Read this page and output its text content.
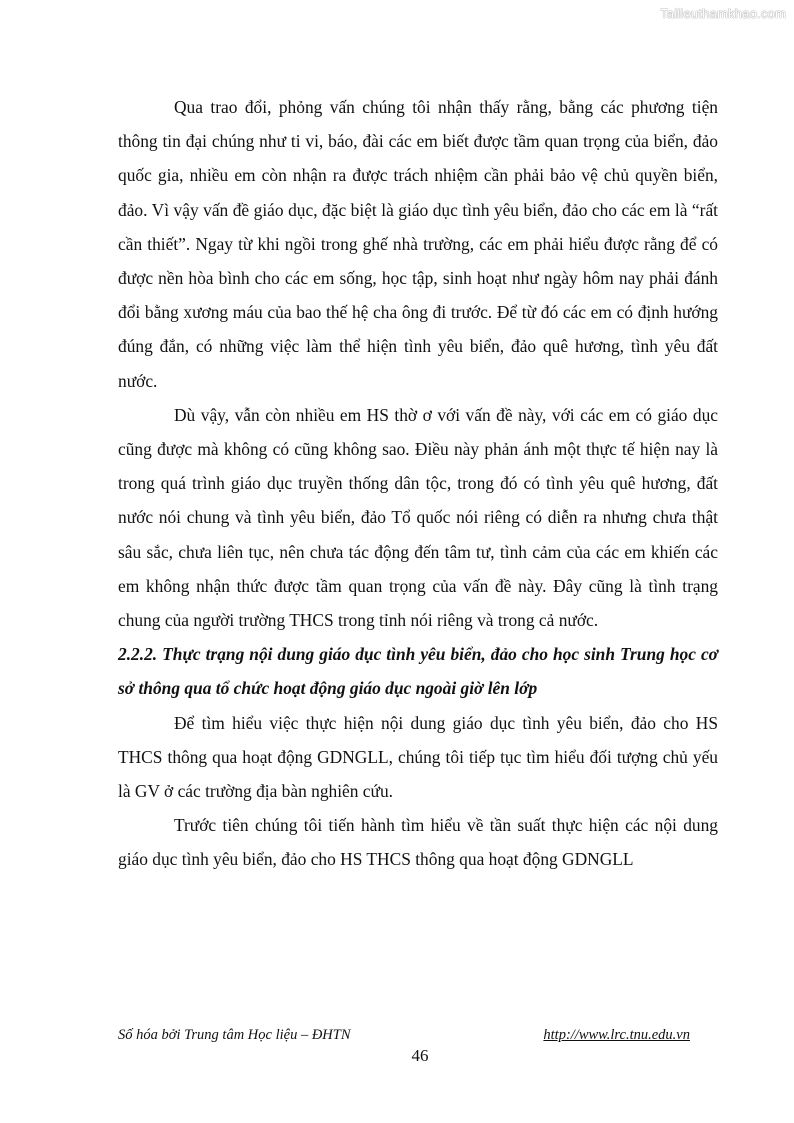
Tailieuthamkhao.com

Qua trao đổi, phỏng vấn chúng tôi nhận thấy rằng, bằng các phương tiện thông tin đại chúng như ti vi, báo, đài các em biết được tầm quan trọng của biển, đảo quốc gia, nhiều em còn nhận ra được trách nhiệm cần phải bảo vệ chủ quyền biển, đảo. Vì vậy vấn đề giáo dục, đặc biệt là giáo dục tình yêu biển, đảo cho các em là “rất cần thiết”. Ngay từ khi ngồi trong ghế nhà trường, các em phải hiểu được rằng để có được nền hòa bình cho các em sống, học tập, sinh hoạt như ngày hôm nay phải đánh đổi bằng xương máu của bao thế hệ cha ông đi trước. Để từ đó các em có định hướng đúng đắn, có những việc làm thể hiện tình yêu biển, đảo quê hương, tình yêu đất nước.

Dù vậy, vẫn còn nhiều em HS thờ ơ với vấn đề này, với các em có giáo dục cũng được mà không có cũng không sao. Điều này phản ánh một thực tế hiện nay là trong quá trình giáo dục truyền thống dân tộc, trong đó có tình yêu quê hương, đất nước nói chung và tình yêu biển, đảo Tổ quốc nói riêng có diễn ra nhưng chưa thật sâu sắc, chưa liên tục, nên chưa tác động đến tâm tư, tình cảm của các em khiến các em không nhận thức được tầm quan trọng của vấn đề này. Đây cũng là tình trạng chung của người trường THCS trong tỉnh nói riêng và trong cả nước.

2.2.2. Thực trạng nội dung giáo dục tình yêu biển, đảo cho học sinh Trung học cơ sở thông qua tổ chức hoạt động giáo dục ngoài giờ lên lớp

Để tìm hiểu việc thực hiện nội dung giáo dục tình yêu biển, đảo cho HS THCS thông qua hoạt động GDNGLL, chúng tôi tiếp tục tìm hiểu đối tượng chủ yếu là GV ở các trường địa bàn nghiên cứu.

Trước tiên chúng tôi tiến hành tìm hiểu về tần suất thực hiện các nội dung giáo dục tình yêu biển, đảo cho HS THCS thông qua hoạt động GDNGLL

Số hóa bởi Trung tâm Học liệu – ĐHTN	http://www.lrc.tnu.edu.vn
46
